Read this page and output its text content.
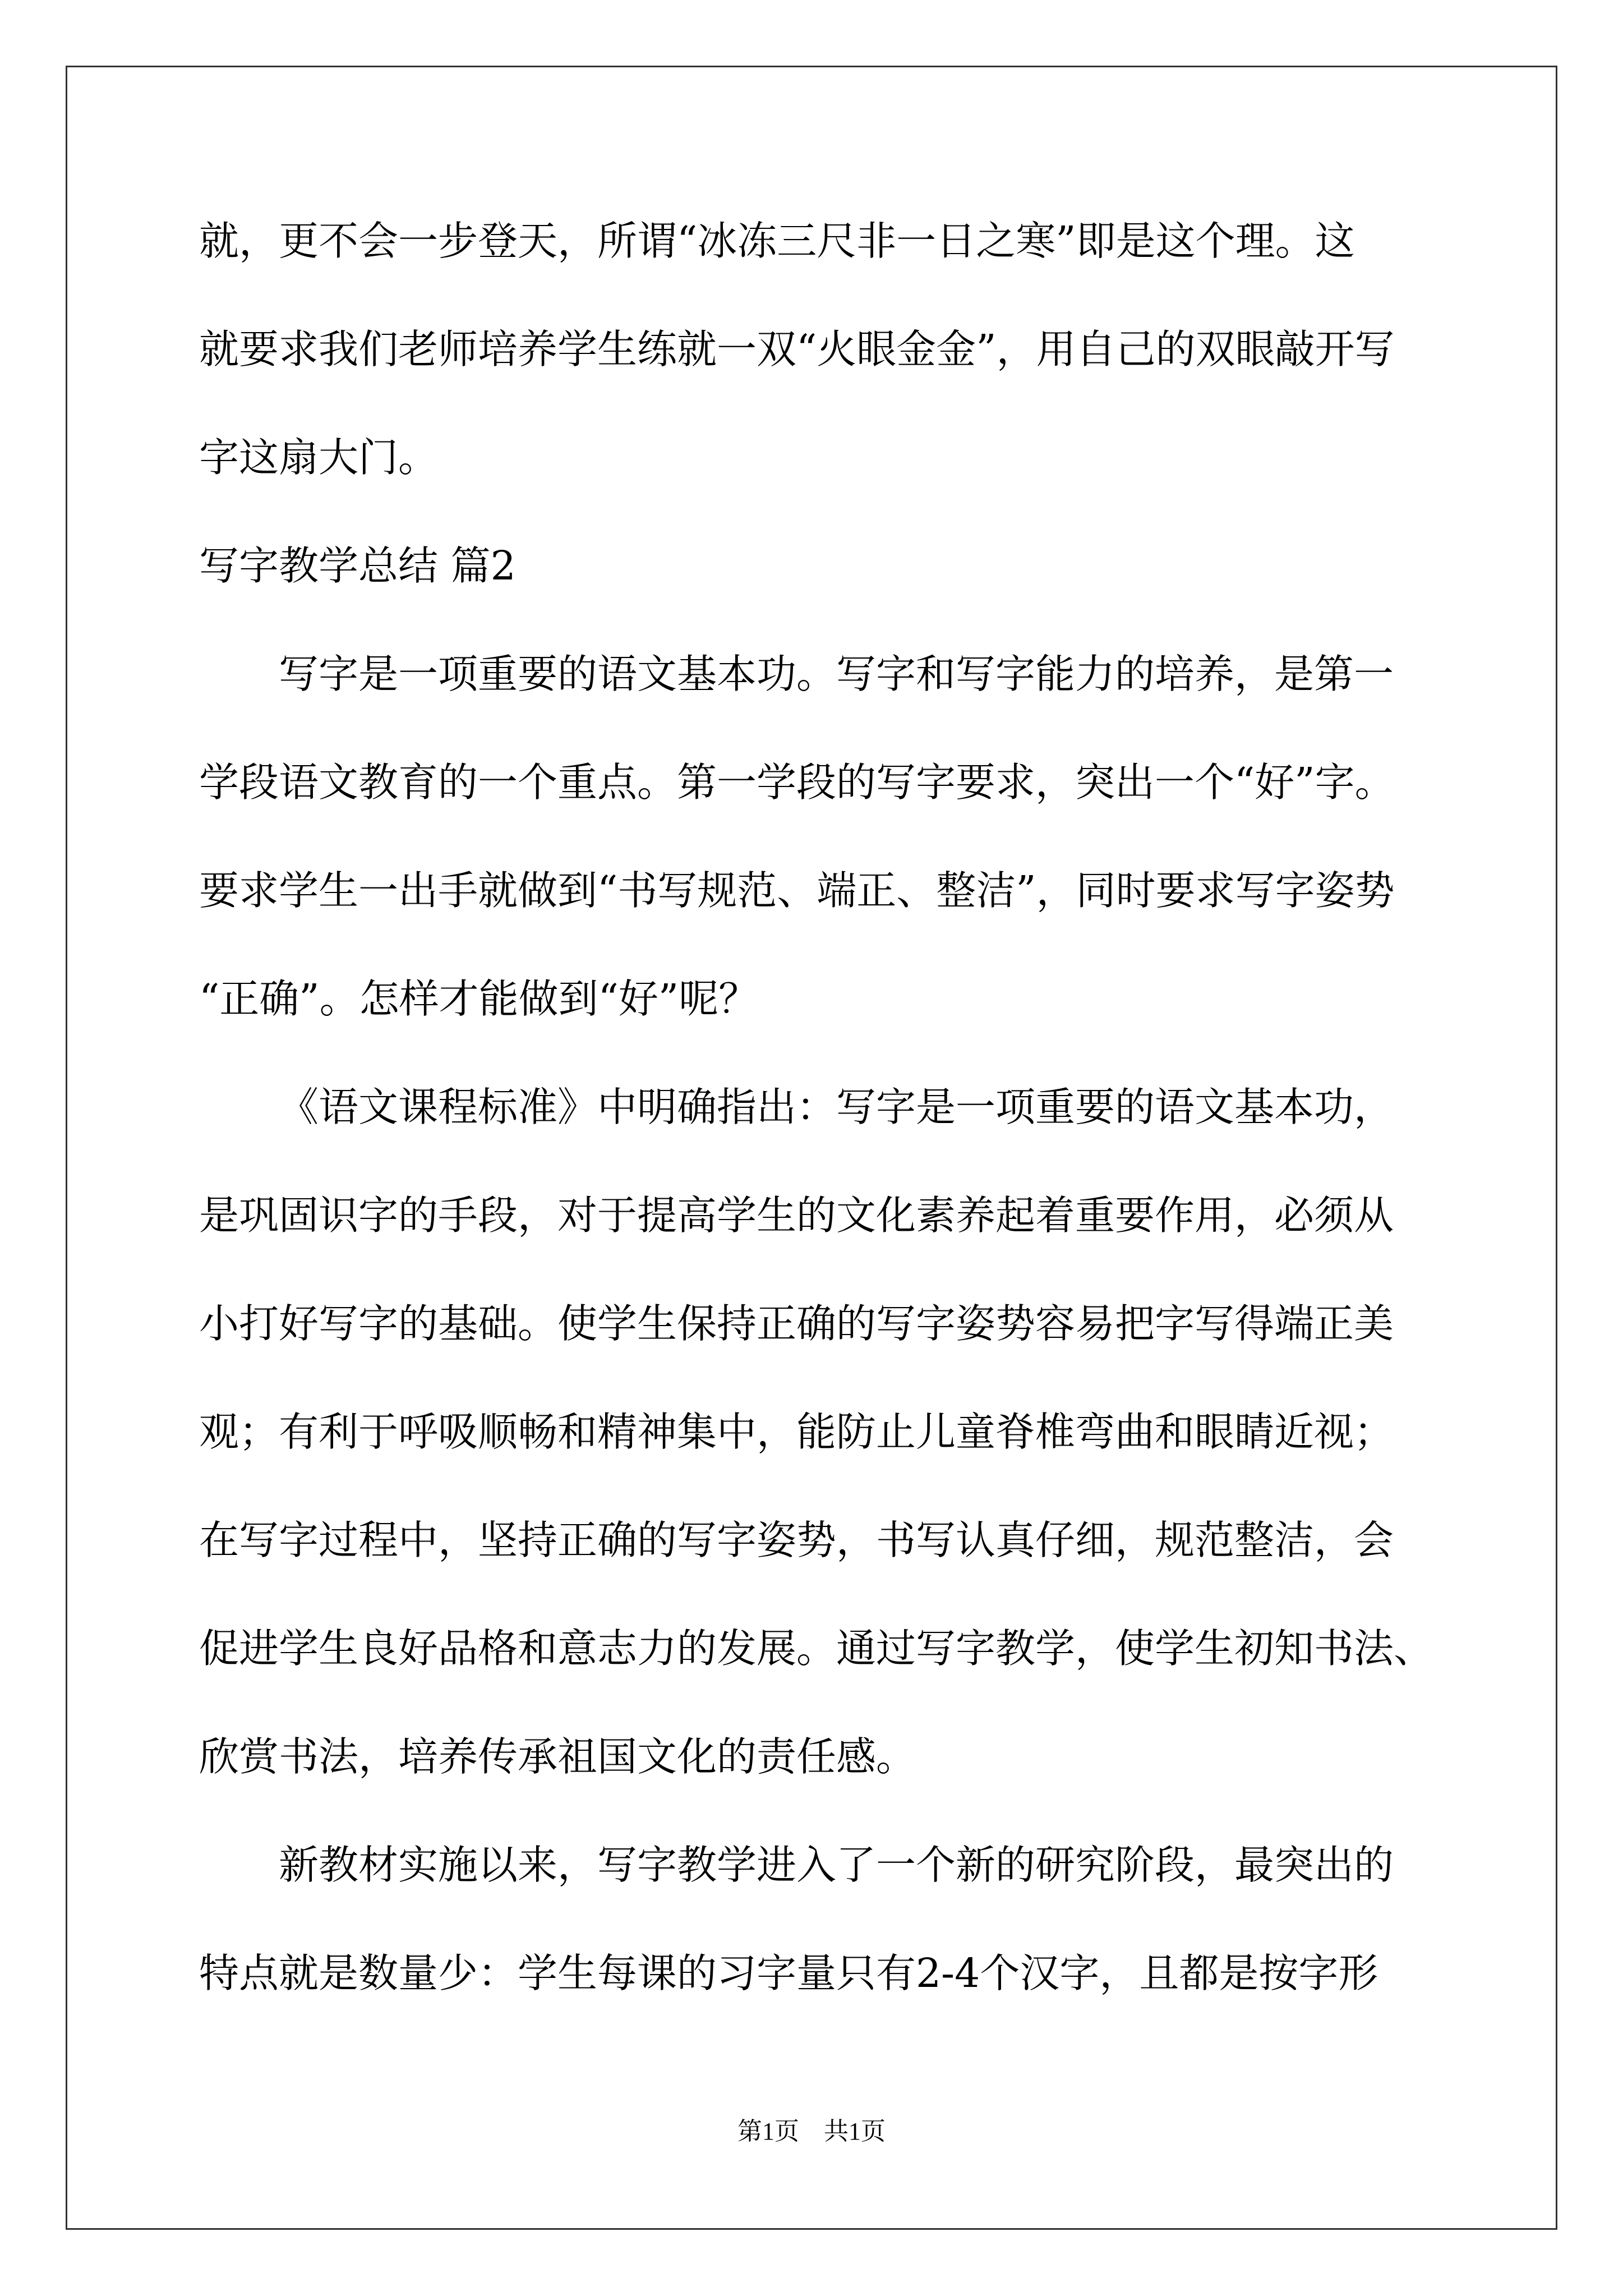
就，更不会一步登天，所谓“冰冻三尺非一日之寒”即是这个理。这
就要求我们老师培养学生练就一双“火眼金金”，用自己的双眼敲开写
字这扇大门。
写字教学总结 篇2
写字是一项重要的语文基本功。写字和写字能力的培养，是第一
学段语文教育的一个重点。第一学段的写字要求，突出一个“好”字。
要求学生一出手就做到“书写规范、端正、整洁”，同时要求写字姿势
“正确”。怎样才能做到“好”呢？
《语文课程标准》中明确指出：写字是一项重要的语文基本功，
是巩固识字的手段，对于提高学生的文化素养起着重要作用，必须从
小打好写字的基础。使学生保持正确的写字姿势容易把字写得端正美
观；有利于呼吸顺畅和精神集中，能防止儿童脊椎弯曲和眼睛近视；
在写字过程中，坚持正确的写字姿势，书写认真仔细，规范整洁，会
促进学生良好品格和意志力的发展。通过写字教学，使学生初知书法、
欣赏书法，培养传承祖国文化的责任感。
新教材实施以来，写字教学进入了一个新的研究阶段，最突出的
特点就是数量少：学生每课的习字量只有2-4个汉字，且都是按字形
第1页　共1页
